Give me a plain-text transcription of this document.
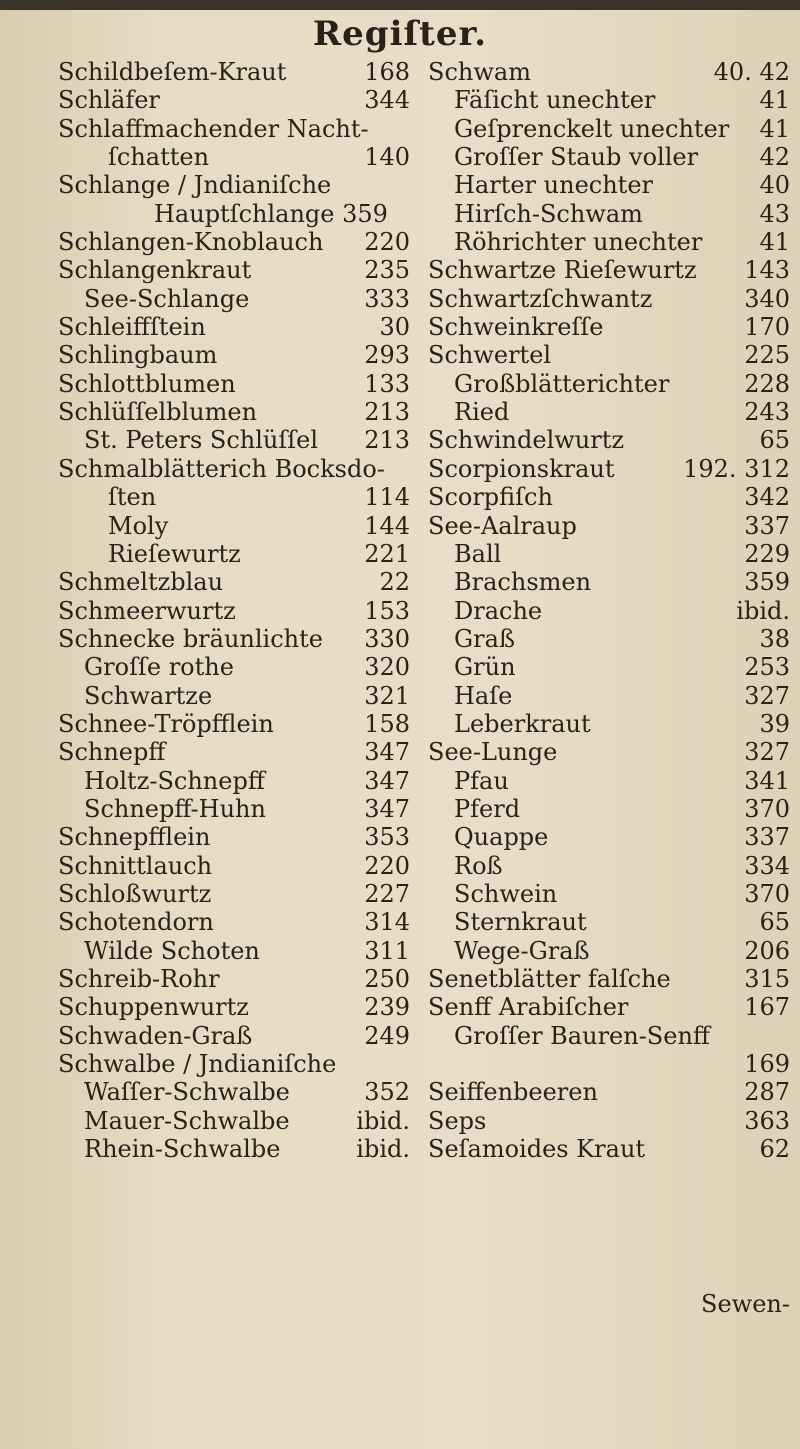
Regiſter.
Schildbeſem-Kraut	168
Schläfer	344
Schlaffmachender Nacht-
ſchatten	140
Schlange / Jndianiſche
Hauptſchlange 359
Schlangen-Knoblauch 220
Schlangenkraut	235
See-Schlange	333
Schleiffſtein	30
Schlingbaum	293
Schlottblumen	133
Schlüſſelblumen	213
St. Peters Schlüſſel 213
Schmalblätterich Bocksdo-
ſten	114
Moly	144
Rieſewurtz	221
Schmeltzblau	22
Schmeerwurtz	153
Schnecke bräunlichte 330
Groſſe rothe	320
Schwartze	321
Schnee-Tröpfflein	158
Schnepff	347
Holtz-Schnepff	347
Schnepff-Huhn	347
Schnepfflein	353
Schnittlauch	220
Schloßwurtz	227
Schotendorn	314
Wilde Schoten	311
Schreib-Rohr	250
Schuppenwurtz	239
Schwaden-Graß	249
Schwalbe / Jndianiſche
Waſſer-Schwalbe	352
Mauer-Schwalbe	ibid.
Rhein-Schwalbe	ibid.
Schwam	40. 42
Fäſicht unechter	41
Geſprenckelt unechter 41
Groſſer Staub voller	42
Harter unechter	40
Hirſch-Schwam	43
Röhrichter unechter 41
Schwartze Rieſewurtz 143
Schwartzſchwantz	340
Schweinkreſſe	170
Schwertel	225
Großblätterichter	228
Ried	243
Schwindelwurtz	65
Scorpionskraut	192. 312
Scorpfiſch	342
See-Aalraup	337
Ball	229
Brachsmen	359
Drache	ibid.
Graß	38
Grün	253
Haſe	327
Leberkraut	39
See-Lunge	327
Pfau	341
Pferd	370
Quappe	337
Roß	334
Schwein	370
Sternkraut	65
Wege-Graß	206
Senetblätter falſche	315
Senff Arabiſcher	167
Groſſer Bauren-Senff
169
Seiffenbeeren	287
Seps	363
Seſamoides Kraut	62
Sewen-
